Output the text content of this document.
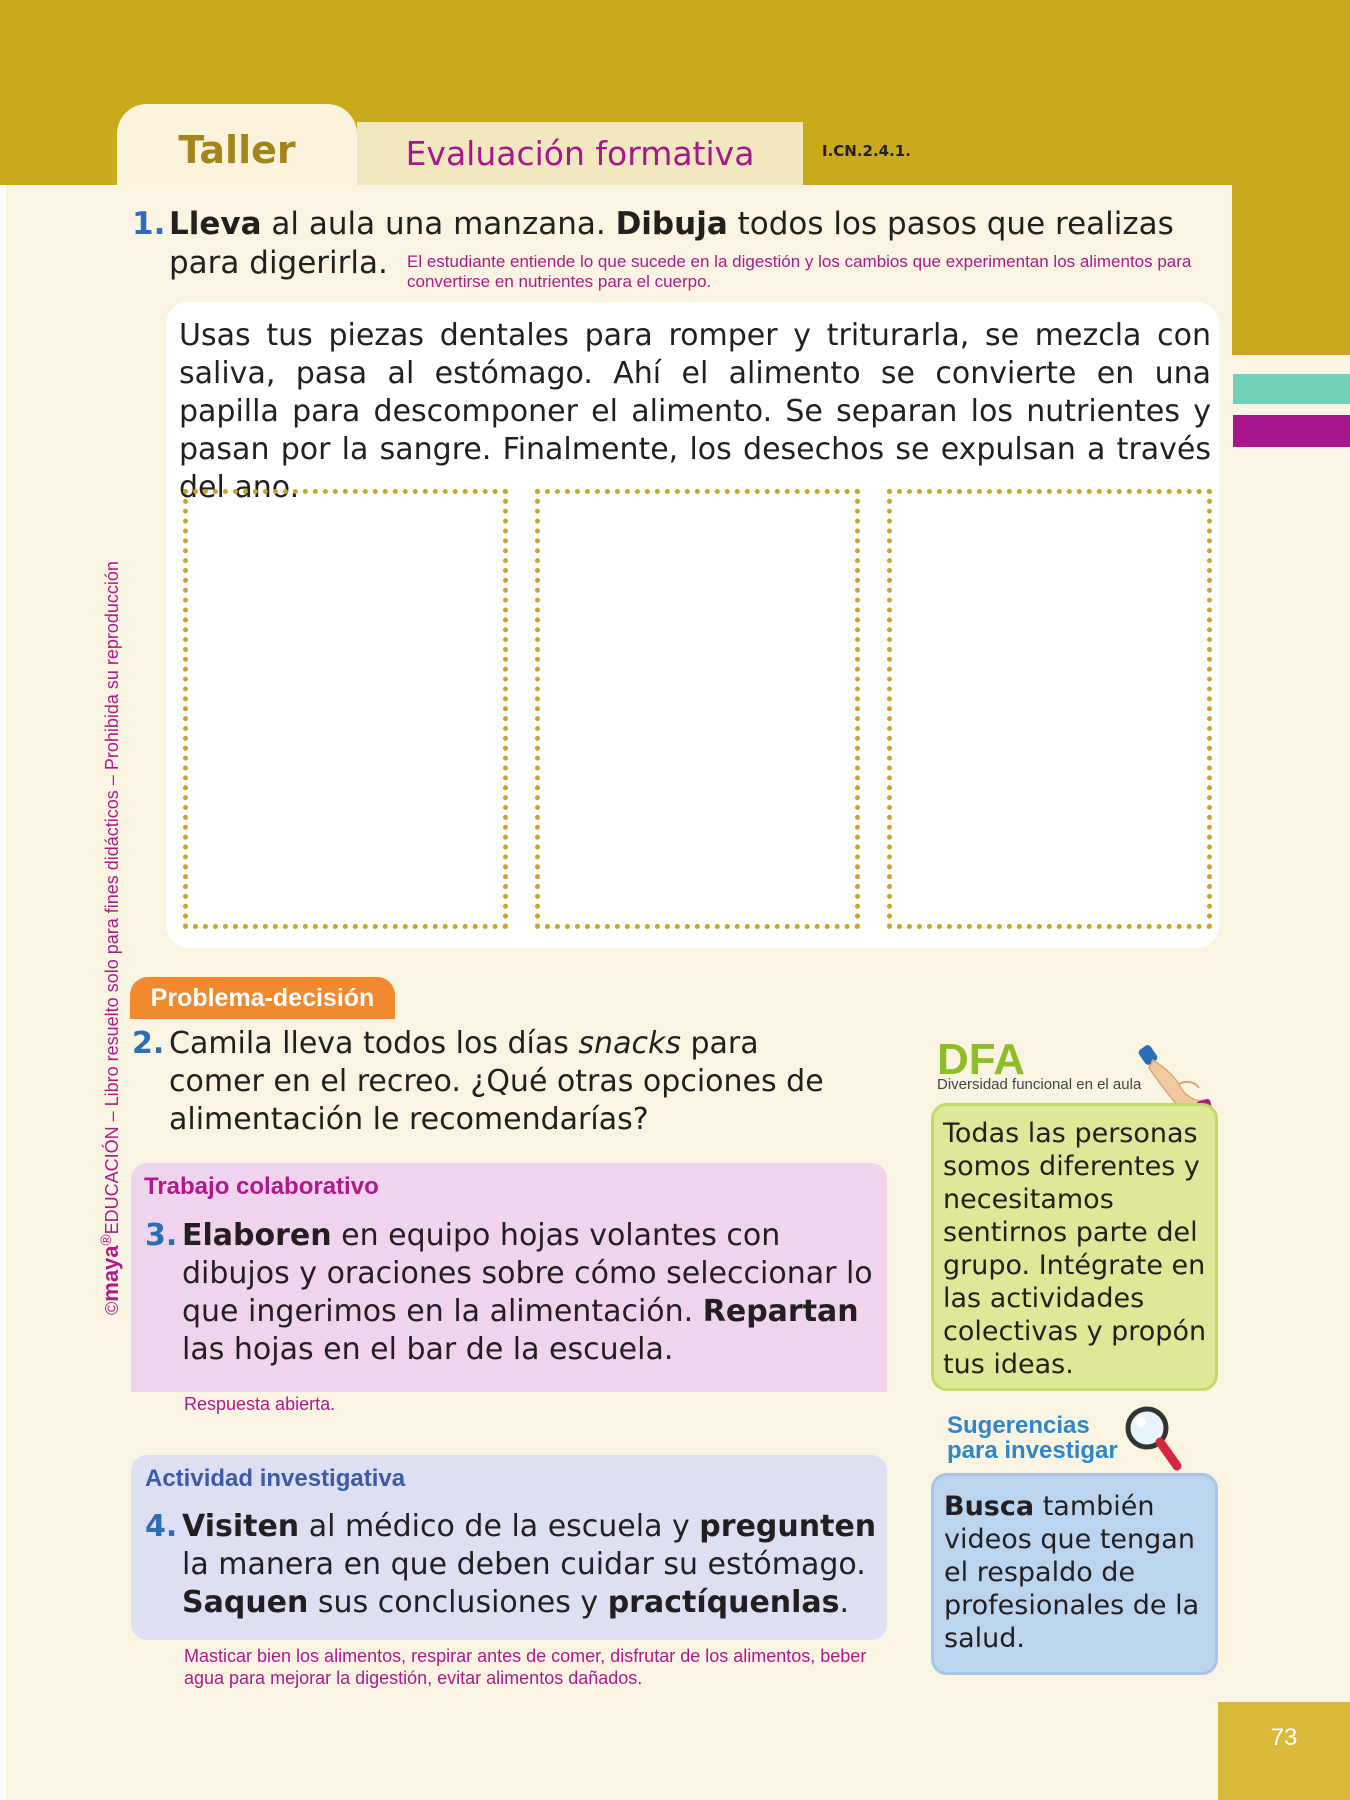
Taller	Evaluación formativa	I.CN.2.4.1.
1. Lleva al aula una manzana. Dibuja todos los pasos que realizas
para digerirla. El estudiante entiende lo que sucede en la digestión y los cambios que experimentan los alimentos para convertirse en nutrientes para el cuerpo.
Usas tus piezas dentales para romper y triturarla, se mezcla con saliva, pasa al estómago. Ahí el alimento se convierte en una papilla para descomponer el alimento. Se separan los nutrientes y pasan por la sangre. Finalmente, los desechos se expulsan a través del ano.
Problema-decisión
2. Camila lleva todos los días snacks para comer en el recreo. ¿Qué otras opciones de alimentación le recomendarías?
Trabajo colaborativo
3. Elaboren en equipo hojas volantes con dibujos y oraciones sobre cómo seleccionar lo que ingerimos en la alimentación. Repartan las hojas en el bar de la escuela.
Respuesta abierta.
Actividad investigativa
4. Visiten al médico de la escuela y pregunten la manera en que deben cuidar su estómago. Saquen sus conclusiones y practíquenlas.
Masticar bien los alimentos, respirar antes de comer, disfrutar de los alimentos, beber agua para mejorar la digestión, evitar alimentos dañados.
DFA
Diversidad funcional en el aula
Todas las personas somos diferentes y necesitamos sentirnos parte del grupo. Intégrate en las actividades colectivas y propón tus ideas.
Sugerencias
para investigar
Busca también videos que tengan el respaldo de profesionales de la salud.
©maya®EDUCACIÓN – Libro resuelto solo para fines didácticos – Prohibida su reproducción
73
